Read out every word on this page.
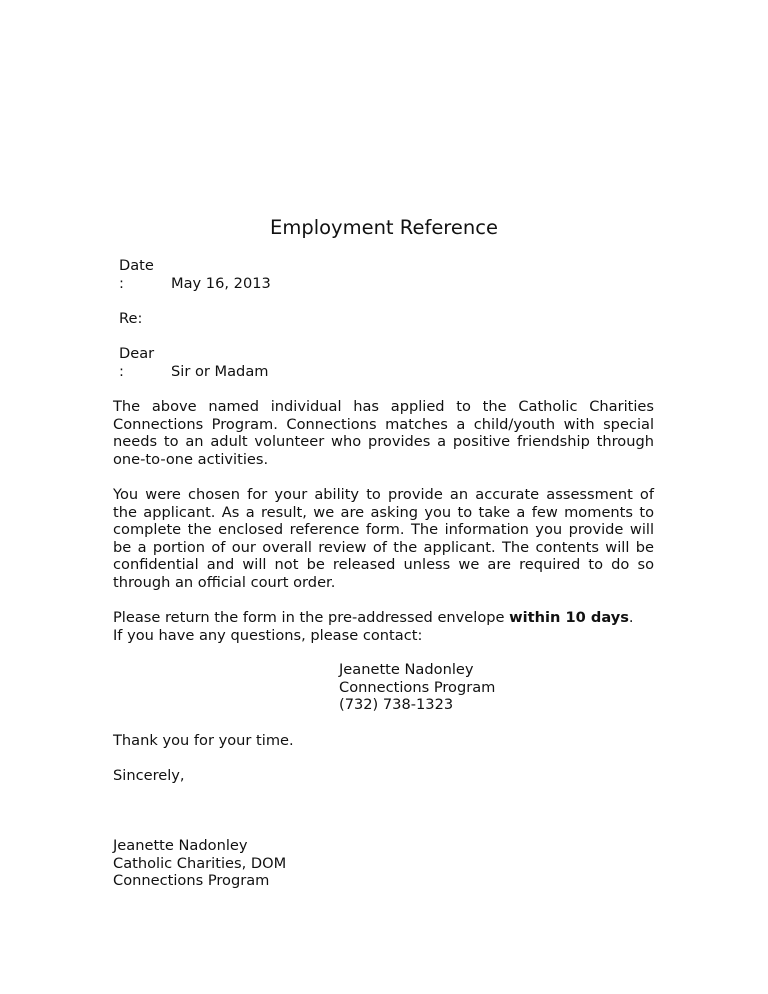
Employment Reference
Date
:	May 16, 2013
Re:
Dear
:	Sir or Madam

The above named individual has applied to the Catholic Charities Connections Program. Connections matches a child/youth with special needs to an adult volunteer who provides a positive friendship through one-to-one activities.

You were chosen for your ability to provide an accurate assessment of the applicant. As a result, we are asking you to take a few moments to complete the enclosed reference form. The information you provide will be a portion of our overall review of the applicant. The contents will be confidential and will not be released unless we are required to do so through an official court order.

Please return the form in the pre-addressed envelope within 10 days.
If you have any questions, please contact:

Jeanette Nadonley
Connections Program
(732) 738-1323

Thank you for your time.

Sincerely,

Jeanette Nadonley
Catholic Charities, DOM
Connections Program
